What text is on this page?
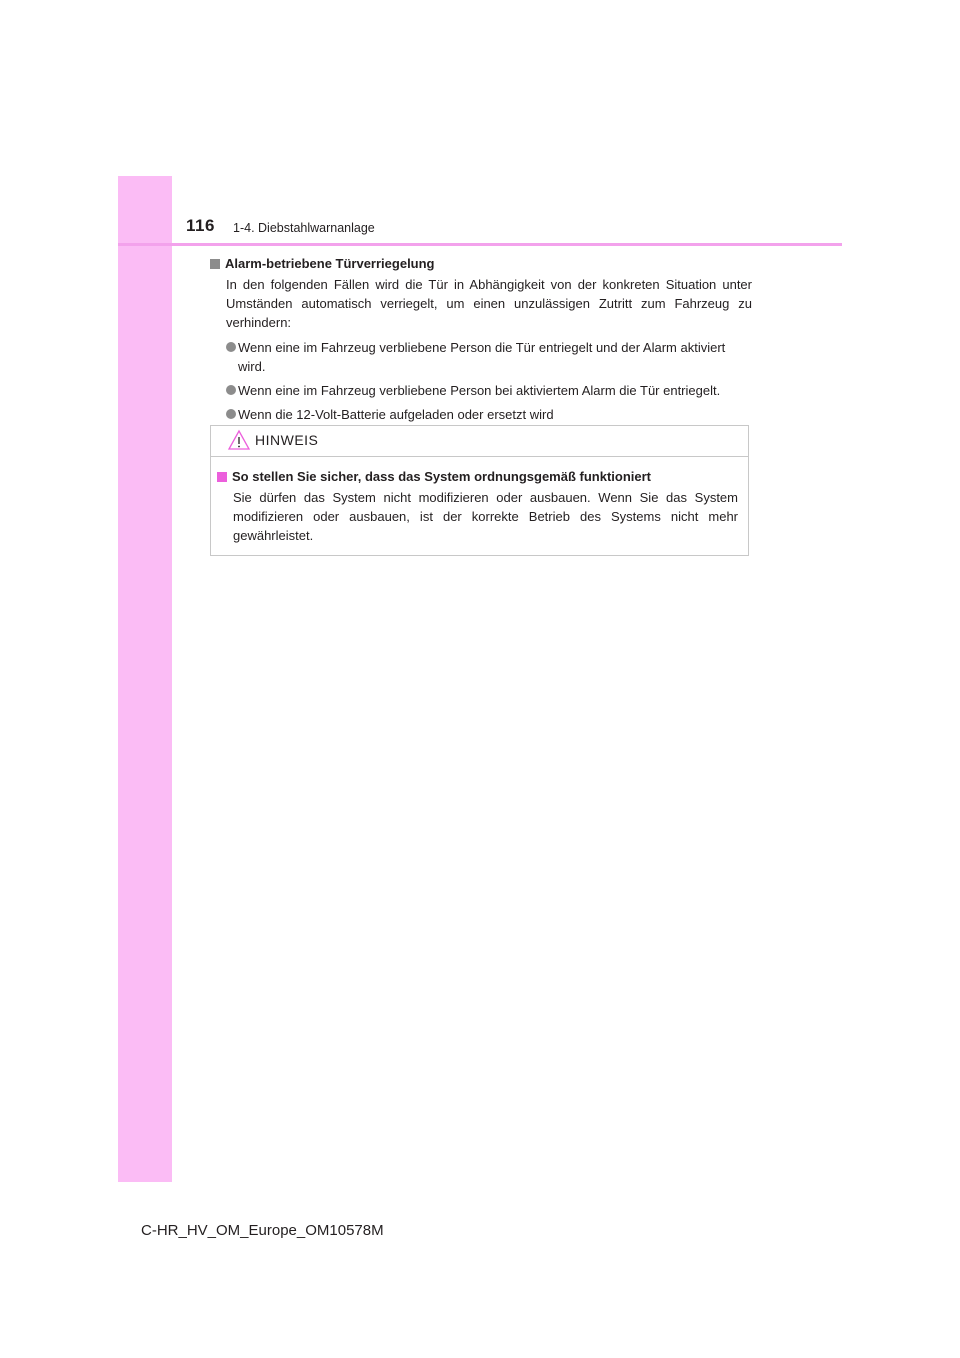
116 1-4. Diebstahlwarnanlage
Alarm-betriebene Türverriegelung
In den folgenden Fällen wird die Tür in Abhängigkeit von der konkreten Situation unter Umständen automatisch verriegelt, um einen unzulässigen Zutritt zum Fahrzeug zu verhindern:
Wenn eine im Fahrzeug verbliebene Person die Tür entriegelt und der Alarm aktiviert wird.
Wenn eine im Fahrzeug verbliebene Person bei aktiviertem Alarm die Tür entriegelt.
Wenn die 12-Volt-Batterie aufgeladen oder ersetzt wird
HINWEIS
So stellen Sie sicher, dass das System ordnungsgemäß funktioniert
Sie dürfen das System nicht modifizieren oder ausbauen. Wenn Sie das System modifizieren oder ausbauen, ist der korrekte Betrieb des Systems nicht mehr gewährleistet.
C-HR_HV_OM_Europe_OM10578M
